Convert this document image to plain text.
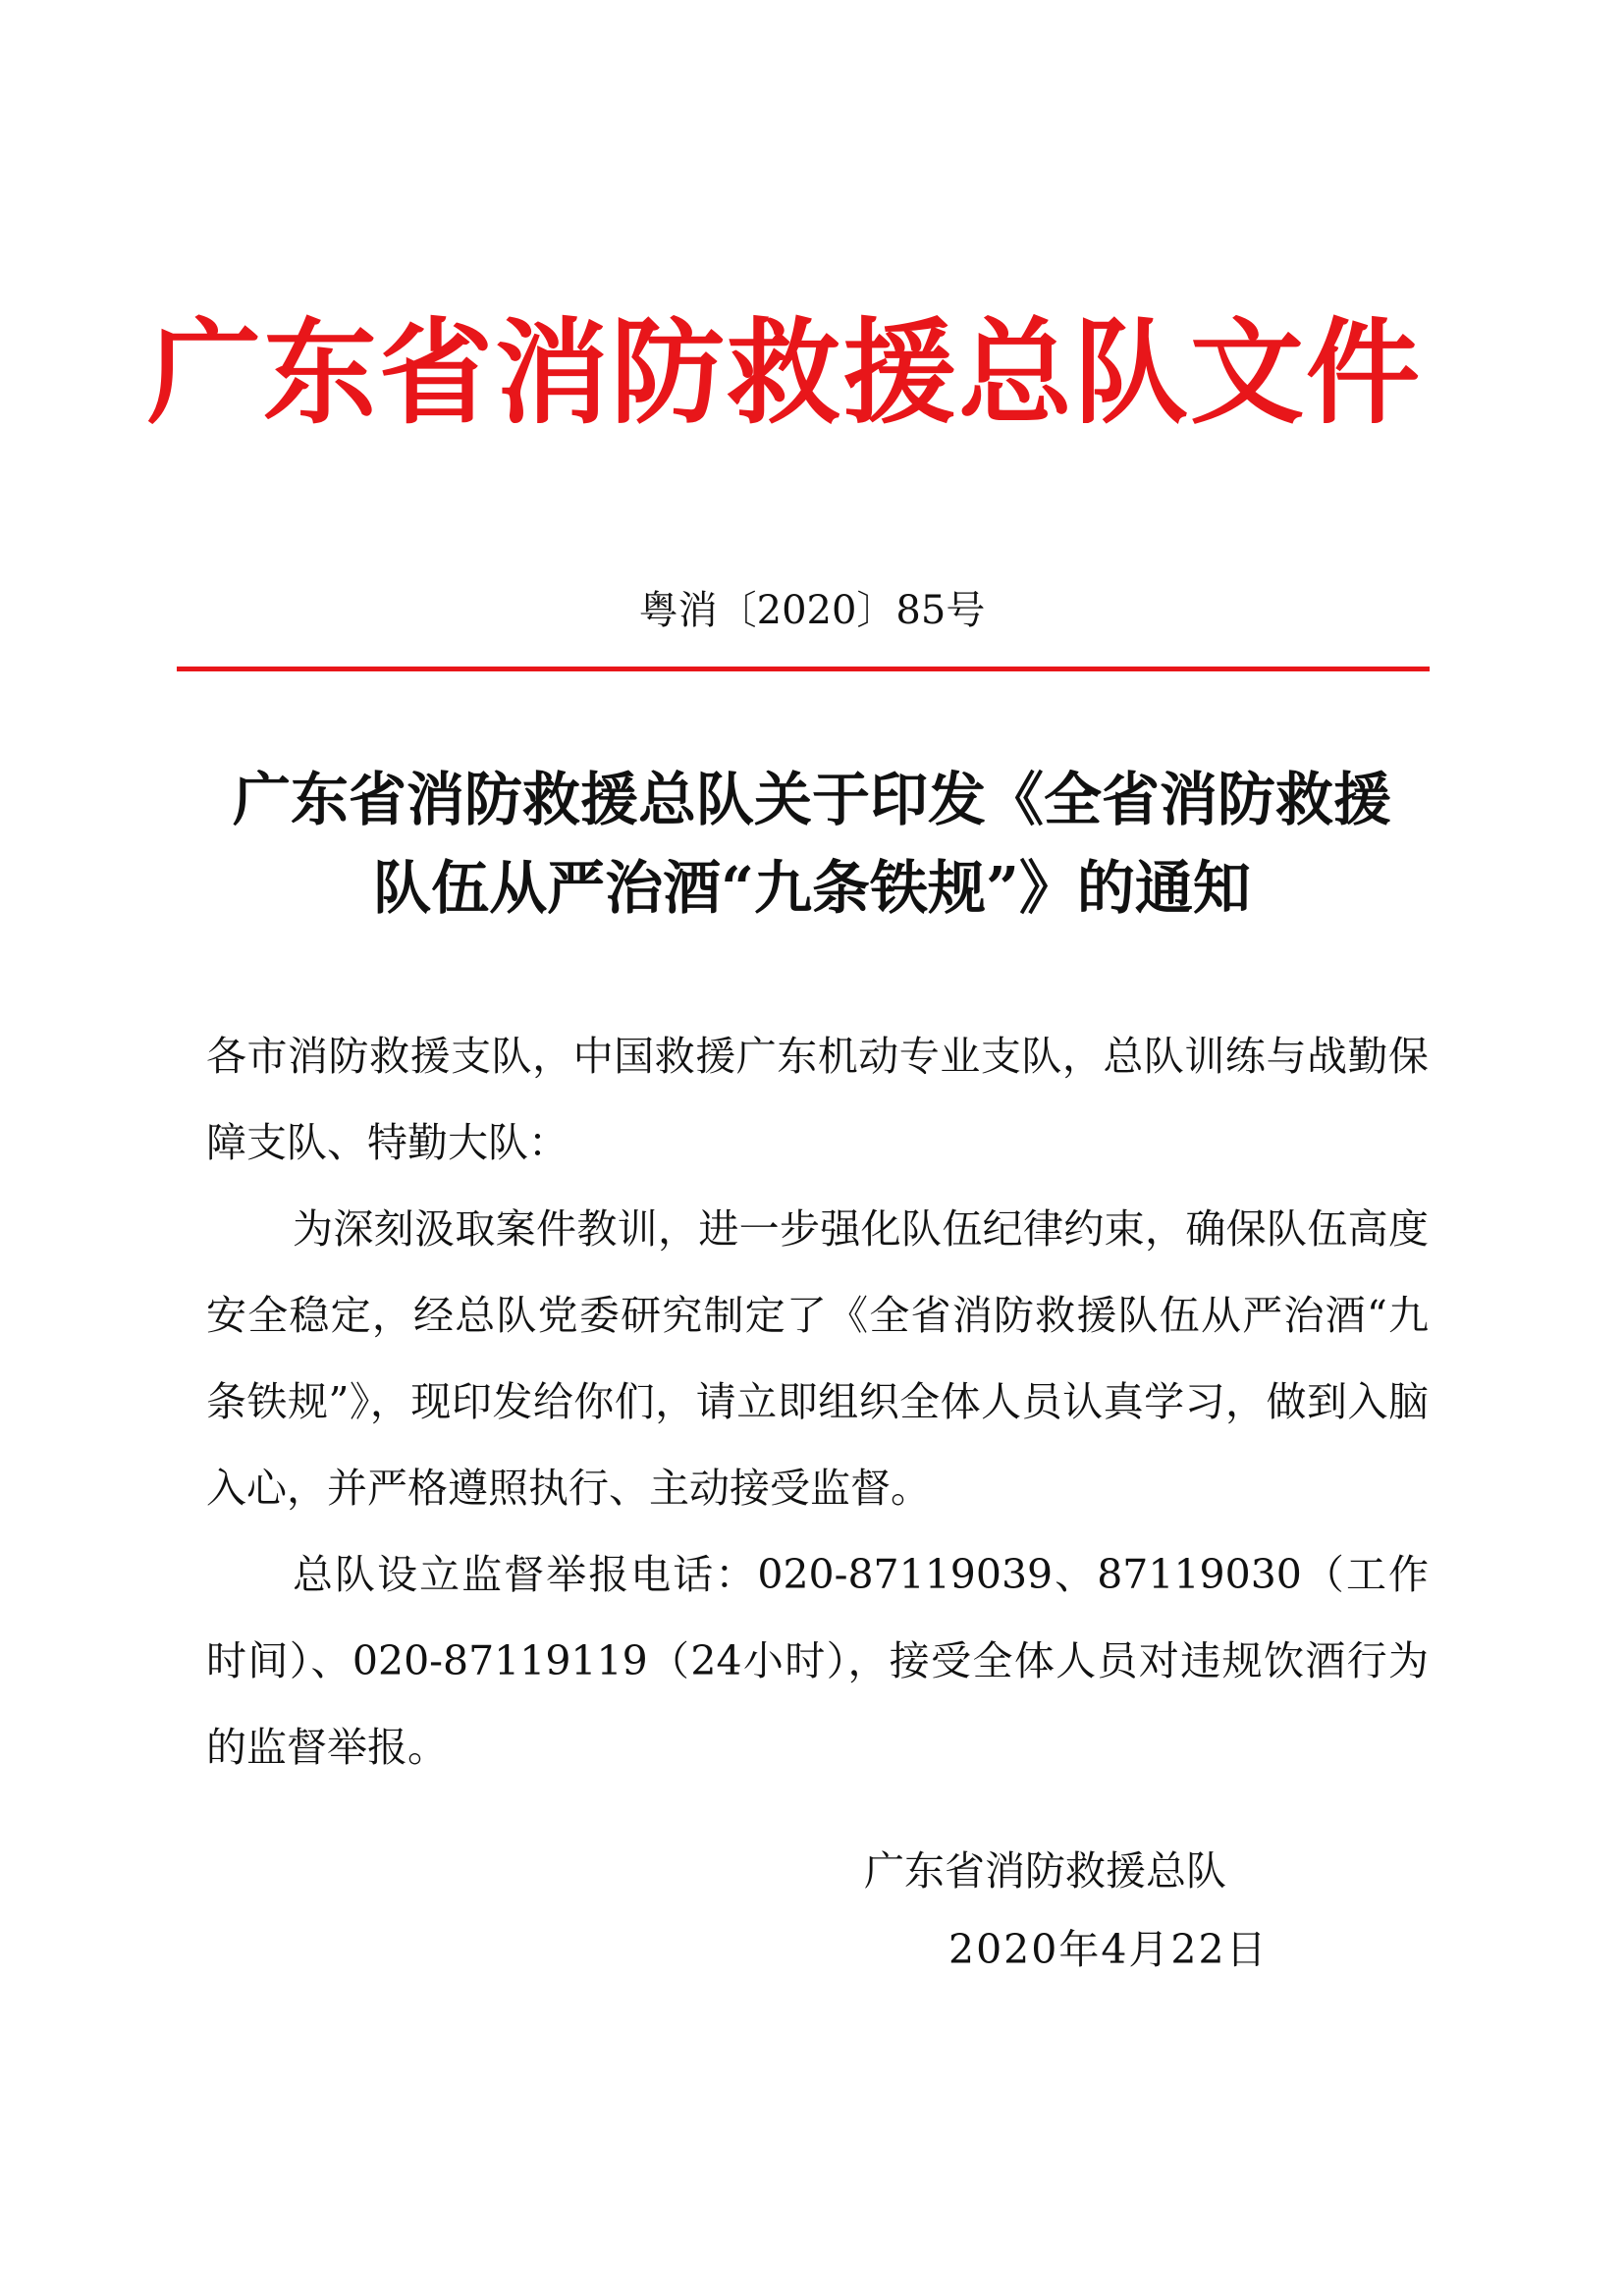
广东省消防救援总队文件
粤消〔2020〕85号
广东省消防救援总队关于印发《全省消防救援
队伍从严治酒“九条铁规”》的通知

各市消防救援支队，中国救援广东机动专业支队，总队训练与战勤保障支队、特勤大队：

为深刻汲取案件教训，进一步强化队伍纪律约束，确保队伍高度安全稳定，经总队党委研究制定了《全省消防救援队伍从严治酒“九条铁规”》，现印发给你们，请立即组织全体人员认真学习，做到入脑入心，并严格遵照执行、主动接受监督。

总队设立监督举报电话：020-87119039、87119030（工作时间）、020-87119119（24小时），接受全体人员对违规饮酒行为的监督举报。

广东省消防救援总队
2020年4月22日
